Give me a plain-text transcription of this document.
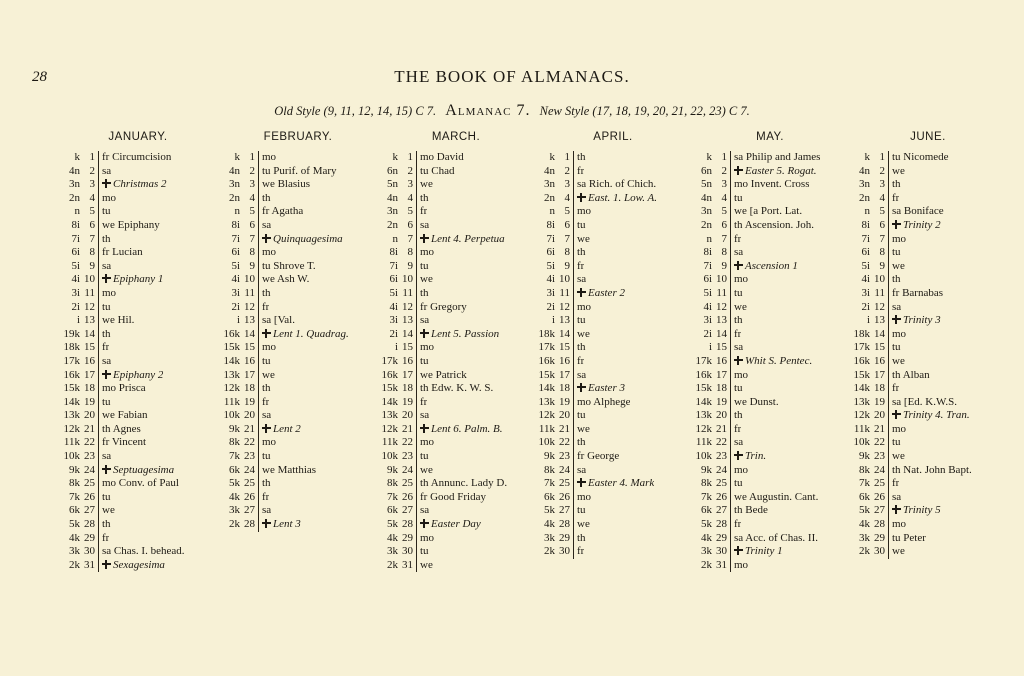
28	THE BOOK OF ALMANACS.
Old Style (9, 11, 12, 14, 15) C 7. Almanac 7. New Style (17, 18, 19, 20, 21, 22, 23) C 7.
JANUARY.
k 1 fr Circumcision
4n 2 sa
3n 3	Christmas 2
2n 4 mo
n 5 tu
8i 6 we Epiphany
7i 7 th
6i 8 fr Lucian
5i 9 sa
4i 10	Epiphany 1
3i 11 mo
2i 12 tu
i 13 we Hil.
19k 14 th
18k 15 fr
17k 16 sa
16k 17	Epiphany 2
15k 18 mo Prisca
14k 19 tu
13k 20 we Fabian
12k 21 th Agnes
11k 22 fr Vincent
10k 23 sa
9k 24	Septuagesima
8k 25 mo Conv. of Paul
7k 26 tu
6k 27 we
5k 28 th
4k 29 fr
3k 30 sa Chas. I. behead.
2k 31	Sexagesima
FEBRUARY.
k 1 mo
4n 2 tu Purif. of Mary
3n 3 we Blasius
2n 4 th
n 5 fr Agatha
8i 6 sa
7i 7	Quinquagesima
6i 8 mo
5i 9 tu Shrove T.
4i 10 we Ash W.
3i 11 th
2i 12 fr
i 13 sa [Val.
16k 14	Lent 1. Quadrag.
15k 15 mo
14k 16 tu
13k 17 we
12k 18 th
11k 19 fr
10k 20 sa
9k 21	Lent 2
8k 22 mo
7k 23 tu
6k 24 we Matthias
5k 25 th
4k 26 fr
3k 27 sa
2k 28	Lent 3
MARCH.
k 1 mo David
6n 2 tu Chad
5n 3 we
4n 4 th
3n 5 fr
2n 6 sa
n 7	Lent 4. Perpetua
8i 8 mo
7i 9 tu
6i 10 we
5i 11 th
4i 12 fr Gregory
3i 13 sa
2i 14	Lent 5. Passion
i 15 mo
17k 16 tu
16k 17 we Patrick
15k 18 th Edw. K. W. S.
14k 19 fr
13k 20 sa
12k 21	Lent 6. Palm. B.
11k 22 mo
10k 23 tu
9k 24 we
8k 25 th Annunc. Lady D.
7k 26 fr Good Friday
6k 27 sa
5k 28	Easter Day
4k 29 mo
3k 30 tu
2k 31 we
APRIL.
k 1 th
4n 2 fr
3n 3 sa Rich. of Chich.
2n 4	East. 1. Low. A.
n 5 mo
8i 6 tu
7i 7 we
6i 8 th
5i 9 fr
4i 10 sa
3i 11	Easter 2
2i 12 mo
i 13 tu
18k 14 we
17k 15 th
16k 16 fr
15k 17 sa
14k 18	Easter 3
13k 19 mo Alphege
12k 20 tu
11k 21 we
10k 22 th
9k 23 fr George
8k 24 sa
7k 25	Easter 4. Mark
6k 26 mo
5k 27 tu
4k 28 we
3k 29 th
2k 30 fr
MAY.
k 1 sa Philip and James
6n 2	Easter 5. Rogat.
5n 3 mo Invent. Cross
4n 4 tu
3n 5 we [a Port. Lat.
2n 6 th Ascension. Joh.
n 7 fr
8i 8 sa
7i 9	Ascension 1
6i 10 mo
5i 11 tu
4i 12 we
3i 13 th
2i 14 fr
i 15 sa
17k 16	Whit S. Pentec.
16k 17 mo
15k 18 tu
14k 19 we Dunst.
13k 20 th
12k 21 fr
11k 22 sa
10k 23	Trin.
9k 24 mo
8k 25 tu
7k 26 we Augustin. Cant.
6k 27 th Bede
5k 28 fr
4k 29 sa Acc. of Chas. II.
3k 30	Trinity 1
2k 31 mo
JUNE.
k 1 tu Nicomede
4n 2 we
3n 3 th
2n 4 fr
n 5 sa Boniface
8i 6	Trinity 2
7i 7 mo
6i 8 tu
5i 9 we
4i 10 th
3i 11 fr Barnabas
2i 12 sa
i 13	Trinity 3
18k 14 mo
17k 15 tu
16k 16 we
15k 17 th Alban
14k 18 fr
13k 19 sa [Ed. K.W.S.
12k 20	Trinity 4. Tran.
11k 21 mo
10k 22 tu
9k 23 we
8k 24 th Nat. John Bapt.
7k 25 fr
6k 26 sa
5k 27	Trinity 5
4k 28 mo
3k 29 tu Peter
2k 30 we
